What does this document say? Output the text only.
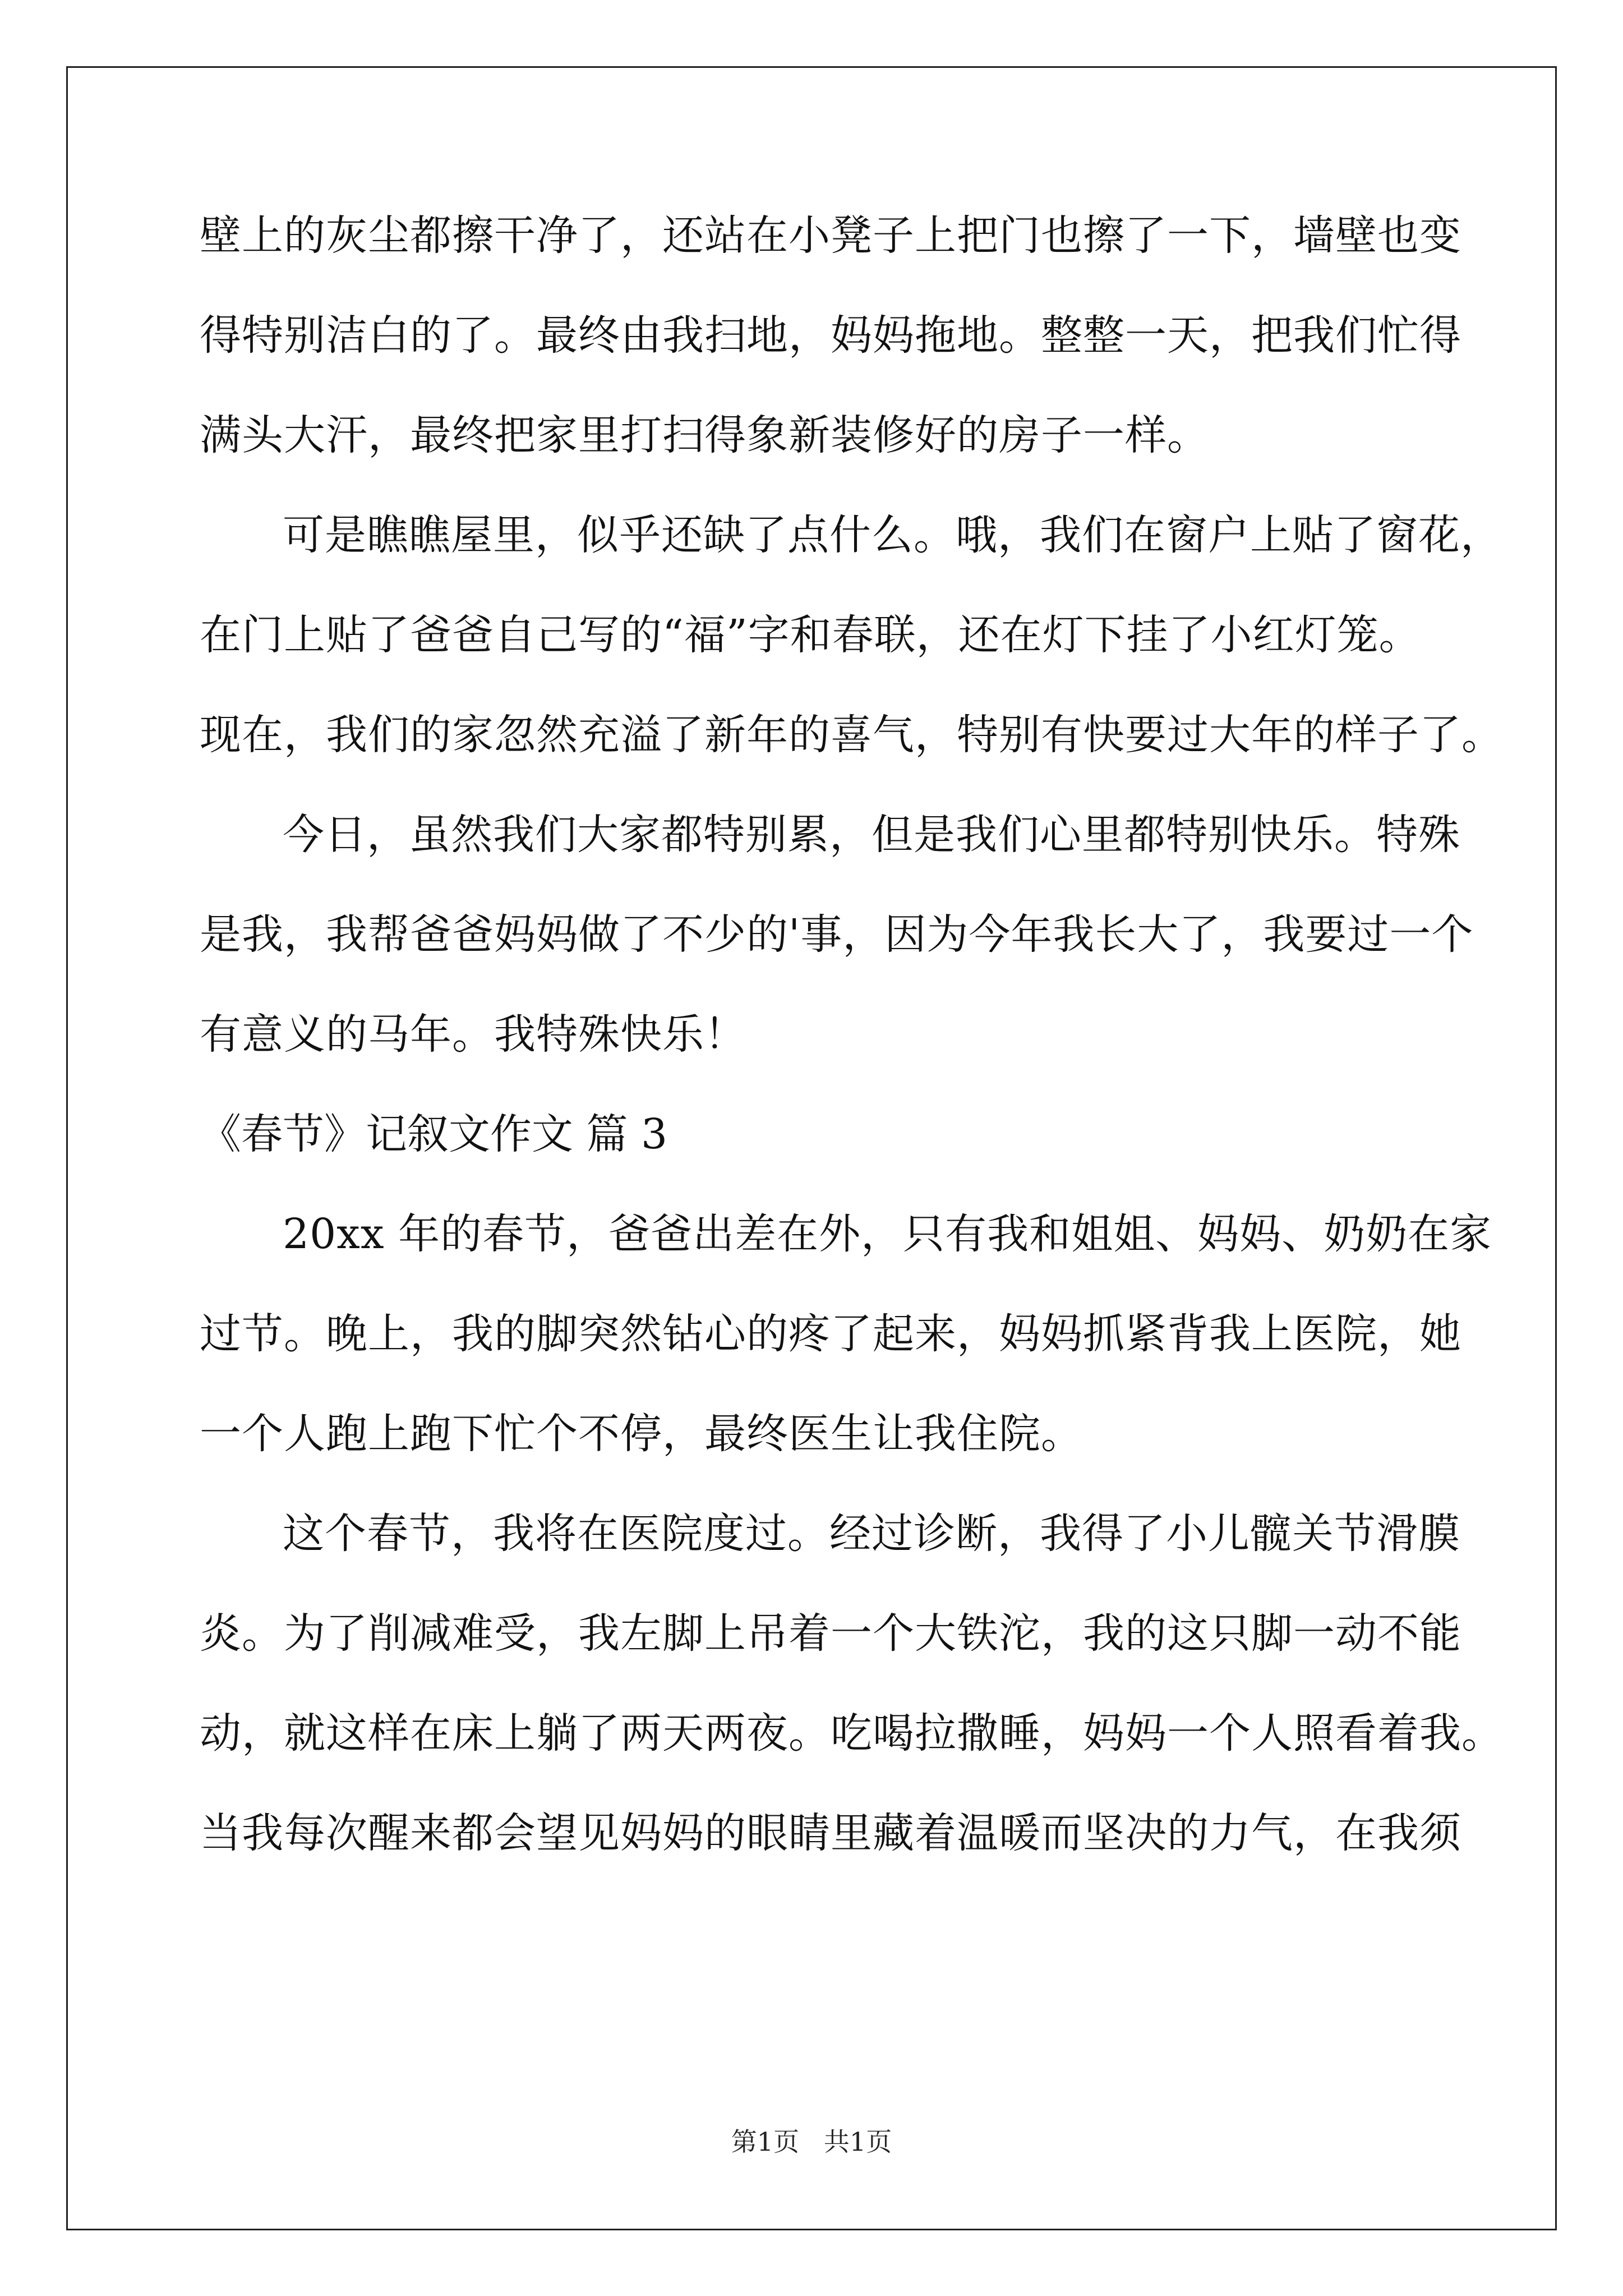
壁上的灰尘都擦干净了，还站在小凳子上把门也擦了一下，墙壁也变

得特别洁白的了。最终由我扫地，妈妈拖地。整整一天，把我们忙得

满头大汗，最终把家里打扫得象新装修好的房子一样。

可是瞧瞧屋里，似乎还缺了点什么。哦，我们在窗户上贴了窗花，

在门上贴了爸爸自己写的“福”字和春联，还在灯下挂了小红灯笼。

现在，我们的家忽然充溢了新年的喜气，特别有快要过大年的样子了。

今日，虽然我们大家都特别累，但是我们心里都特别快乐。特殊

是我，我帮爸爸妈妈做了不少的'事，因为今年我长大了，我要过一个

有意义的马年。我特殊快乐！

《春节》记叙文作文 篇 3

20xx 年的春节，爸爸出差在外，只有我和姐姐、妈妈、奶奶在家

过节。晚上，我的脚突然钻心的疼了起来，妈妈抓紧背我上医院，她

一个人跑上跑下忙个不停，最终医生让我住院。

这个春节，我将在医院度过。经过诊断，我得了小儿髋关节滑膜

炎。为了削减难受，我左脚上吊着一个大铁沱，我的这只脚一动不能

动，就这样在床上躺了两天两夜。吃喝拉撒睡，妈妈一个人照看着我。

当我每次醒来都会望见妈妈的眼睛里藏着温暖而坚决的力气，在我须

第1页   共1页
